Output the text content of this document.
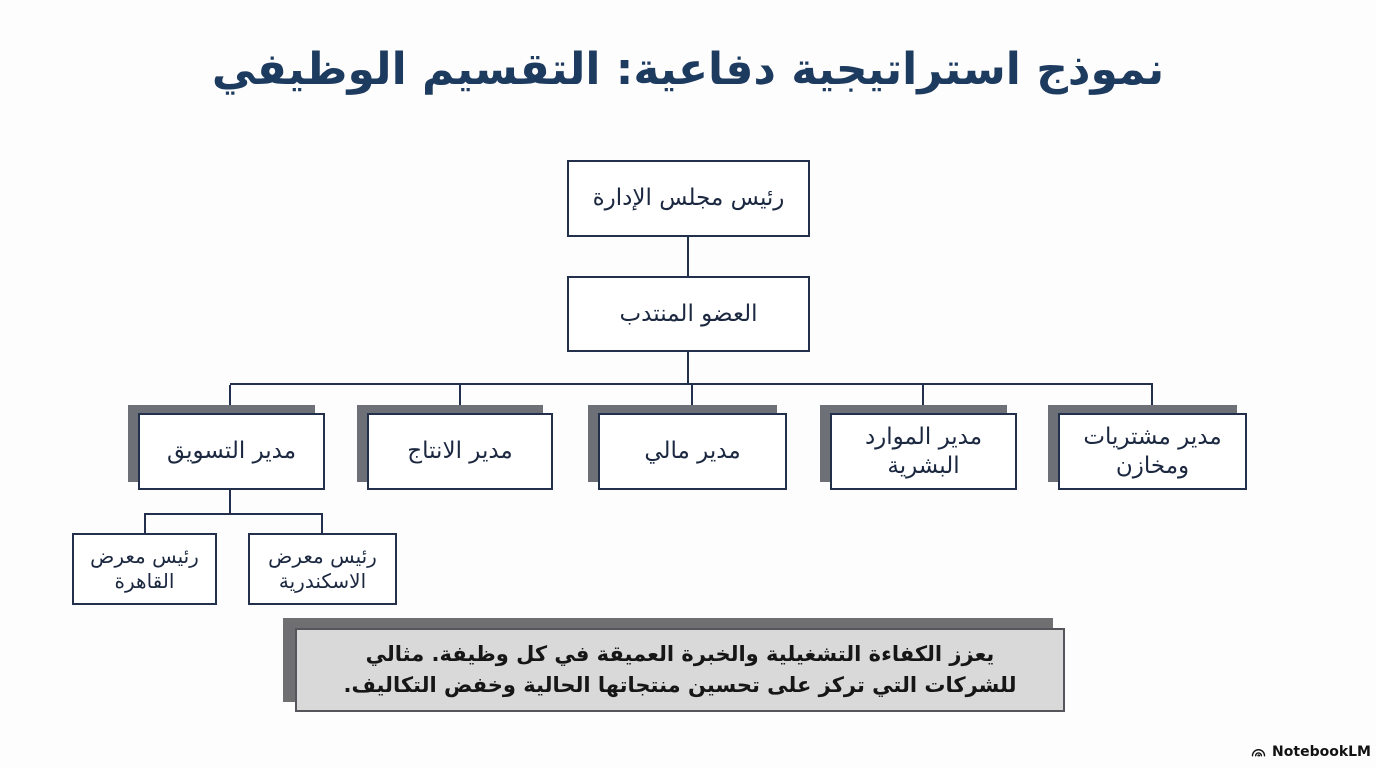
نموذج استراتيجية دفاعية: التقسيم الوظيفي
رئيس مجلس الإدارة
العضو المنتدب
مدير التسويق	مدير الانتاج	مدير مالي
مدير الموارد البشرية
مدير مشتريات ومخازن
رئيس معرض القاهرة
رئيس معرض الاسكندرية
يعزز الكفاءة التشغيلية والخبرة العميقة في كل وظيفة. مثالي للشركات التي تركز على تحسين منتجاتها الحالية وخفض التكاليف.
NotebookLM
